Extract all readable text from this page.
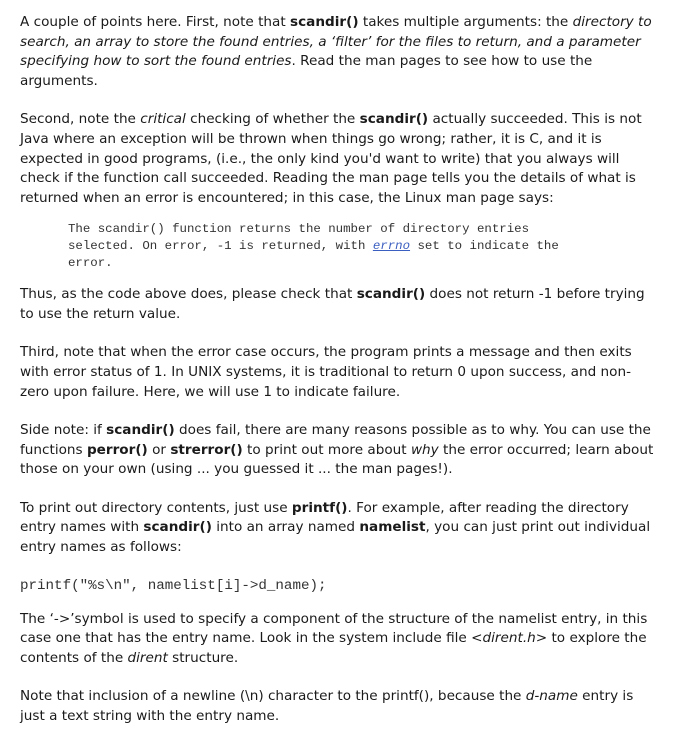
A couple of points here. First, note that scandir() takes multiple arguments: the directory to search, an array to store the found entries, a ‘filter’ for the files to return, and a parameter specifying how to sort the found entries. Read the man pages to see how to use the arguments.

Second, note the critical checking of whether the scandir() actually succeeded. This is not Java where an exception will be thrown when things go wrong; rather, it is C, and it is expected in good programs, (i.e., the only kind you'd want to write) that you always will check if the function call succeeded. Reading the man page tells you the details of what is returned when an error is encountered; in this case, the Linux man page says:

The scandir() function returns the number of directory entries
selected. On error, -1 is returned, with errno set to indicate the
error.

Thus, as the code above does, please check that scandir() does not return -1 before trying to use the return value.

Third, note that when the error case occurs, the program prints a message and then exits with error status of 1. In UNIX systems, it is traditional to return 0 upon success, and non-zero upon failure. Here, we will use 1 to indicate failure.

Side note: if scandir() does fail, there are many reasons possible as to why. You can use the functions perror() or strerror() to print out more about why the error occurred; learn about those on your own (using ... you guessed it ... the man pages!).

To print out directory contents, just use printf(). For example, after reading the directory entry names with scandir() into an array named namelist, you can just print out individual entry names as follows:

printf("%s\n", namelist[i]->d_name);

The ‘->’symbol is used to specify a component of the structure of the namelist entry, in this case one that has the entry name. Look in the system include file <dirent.h> to explore the contents of the dirent structure.

Note that inclusion of a newline (\n) character to the printf(), because the d-name entry is just a text string with the entry name.
